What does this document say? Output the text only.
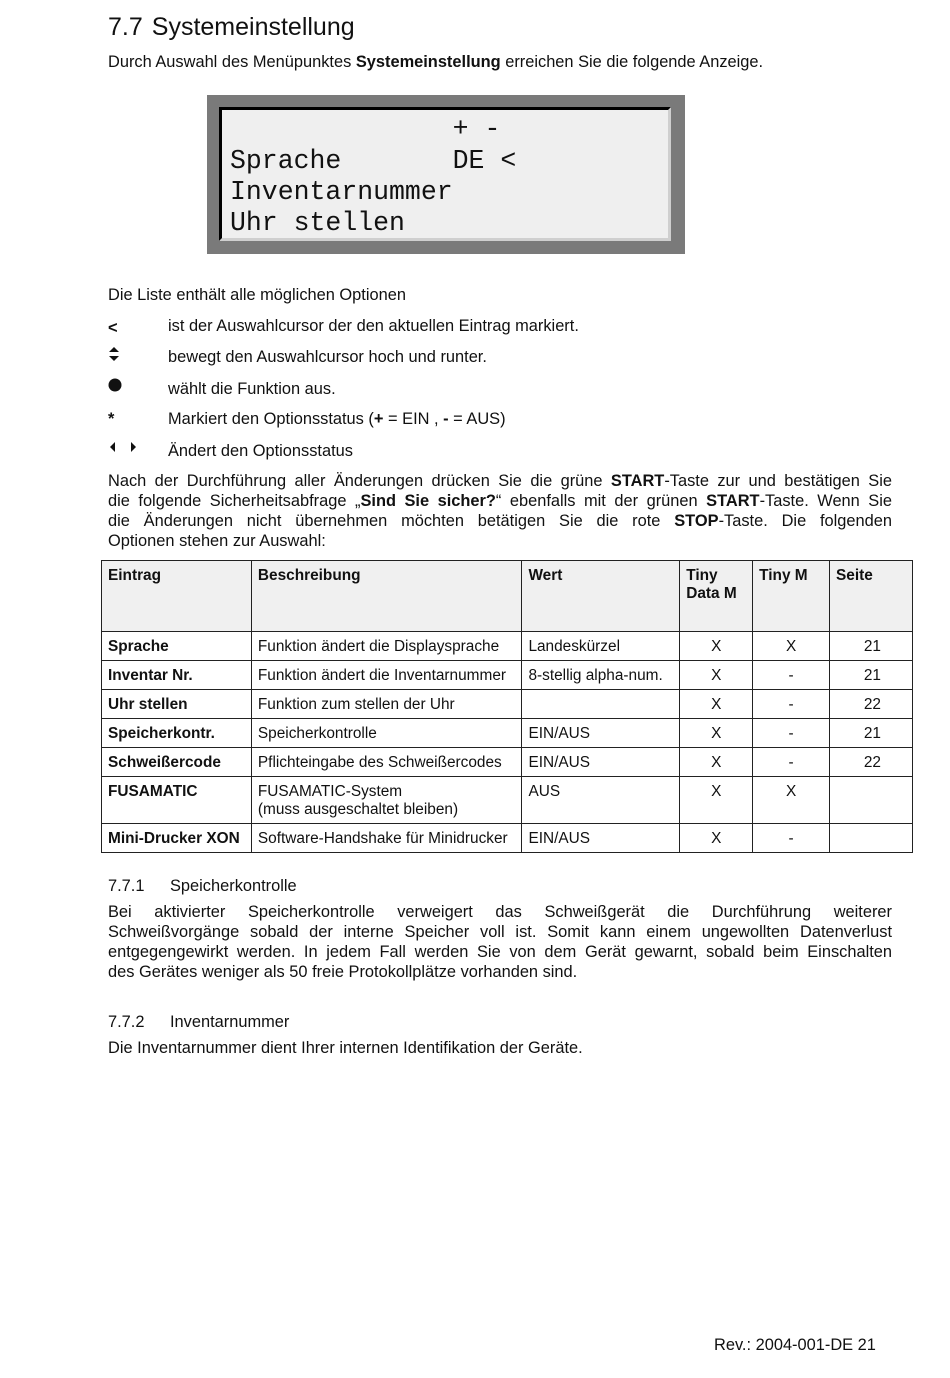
7.7 Systemeinstellung
Durch Auswahl des Menüpunktes Systemeinstellung erreichen Sie die folgende Anzeige.
+ -
Sprache       DE <
Inventarnummer
Uhr stellen
Die Liste enthält alle möglichen Optionen
<	ist der Auswahlcursor der den aktuellen Eintrag markiert.
bewegt den Auswahlcursor hoch und runter.
wählt die Funktion aus.
*	Markiert den Optionsstatus (+ = EIN , - = AUS)
Ändert den Optionsstatus
Nach der Durchführung aller Änderungen drücken Sie die grüne START-Taste zur und bestätigen Sie
die folgende Sicherheitsabfrage „Sind Sie sicher?“ ebenfalls mit der grünen START-Taste. Wenn Sie
die Änderungen nicht übernehmen möchten betätigen Sie die rote STOP-Taste. Die folgenden
Optionen stehen zur Auswahl:
Eintrag	Beschreibung	Wert	Tiny
Data M	Tiny M	Seite
Sprache	Funktion ändert die Displaysprache	Landeskürzel	X	X	21
Inventar Nr.	Funktion ändert die Inventarnummer	8-stellig alpha-num.	X	-	21
Uhr stellen	Funktion zum stellen der Uhr		X	-	22
Speicherkontr.	Speicherkontrolle	EIN/AUS	X	-	21
Schweißercode	Pflichteingabe des Schweißercodes	EIN/AUS	X	-	22
FUSAMATIC	FUSAMATIC-System
(muss ausgeschaltet bleiben)	AUS	X	X	
Mini-Drucker XON	Software-Handshake für Minidrucker	EIN/AUS	X	-	
7.7.1 Speicherkontrolle
Bei aktivierter Speicherkontrolle verweigert das Schweißgerät die Durchführung weiterer
Schweißvorgänge sobald der interne Speicher voll ist. Somit kann einem ungewollten Datenverlust
entgegengewirkt werden. In jedem Fall werden Sie von dem Gerät gewarnt, sobald beim Einschalten
des Gerätes weniger als 50 freie Protokollplätze vorhanden sind.
7.7.2 Inventarnummer
Die Inventarnummer dient Ihrer internen Identifikation der Geräte.
Rev.: 2004-001-DE 21
